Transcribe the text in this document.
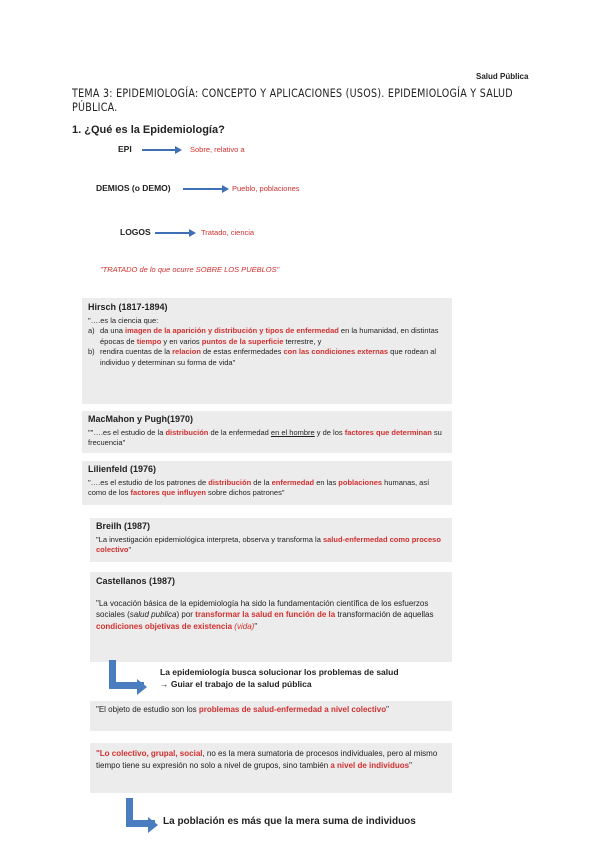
Salud Pública
TEMA 3: EPIDEMIOLOGÍA: CONCEPTO Y APLICACIONES (USOS). EPIDEMIOLOGÍA Y SALUD PÚBLICA.
1. ¿Qué es la Epidemiología?
EPI	Sobre, relativo a
DEMIOS (o DEMO)	Pueblo, poblaciones
LOGOS	Tratado, ciencia
"TRATADO de lo que ocurre SOBRE LOS PUEBLOS"
Hirsch (1817-1894)
"….es la ciencia que:
a) da una imagen de la aparición y distribución y tipos de enfermedad en la humanidad, en distintas épocas de tiempo y en varios puntos de la superficie terrestre, y
b) rendira cuentas de la relacion de estas enfermedades con las condiciones externas que rodean al individuo y determinan su forma de vida"
MacMahon y Pugh(1970)
""….es el estudio de la distribución de la enfermedad en el hombre y de los factores que determinan su frecuencia"
Lilienfeld (1976)
"….es el estudio de los patrones de distribución de la enfermedad en las poblaciones humanas, así como de los factores que influyen sobre dichos patrones"
Breilh (1987)
"La investigación epidemiológica interpreta, observa y transforma la salud-enfermedad como proceso colectivo"
Castellanos (1987)
"La vocación básica de la epidemiología ha sido la fundamentación científica de los esfuerzos sociales (salud publica) por transformar la salud en función de la transformación de aquellas condiciones objetivas de existencia (vida)"
La epidemiología busca solucionar los problemas de salud
→ Guiar el trabajo de la salud pública
"El objeto de estudio son los problemas de salud-enfermedad a nivel colectivo"
"Lo colectivo, grupal, social, no es la mera sumatoria de procesos individuales, pero al mismo tiempo tiene su expresión no solo a nivel de grupos, sino también a nivel de individuos"
La población es más que la mera suma de individuos
